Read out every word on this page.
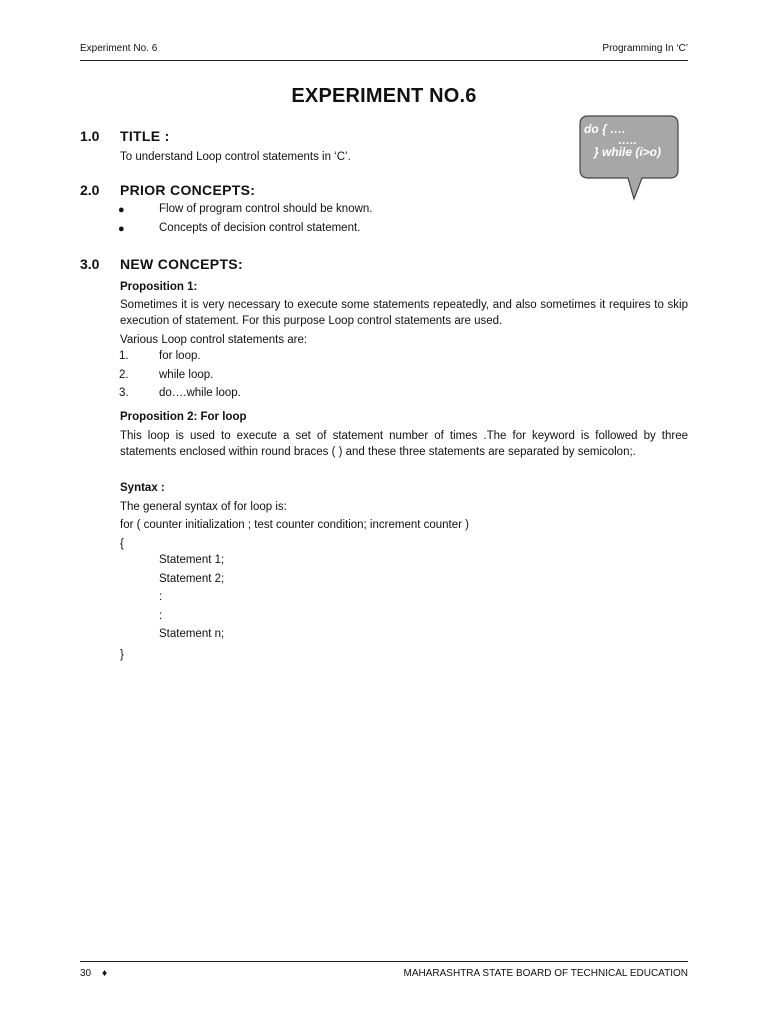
Experiment No. 6	Programming In ‘C’
EXPERIMENT NO.6
do { ….
…..
} while (i>o)
1.0 TITLE :
To understand Loop control statements in ‘C’.
2.0 PRIOR CONCEPTS:
●	Flow of program control should be known.
●	Concepts of decision control statement.
3.0 NEW CONCEPTS:
Proposition 1:
Sometimes it is very necessary to execute some statements repeatedly, and also sometimes it requires to skip execution of statement. For this purpose Loop control statements are used.
Various Loop control statements are:
1.	for loop.
2.	while loop.
3.	do….while loop.
Proposition 2: For loop
This loop is used to execute a set of statement number of times .The for keyword is followed by three statements enclosed within round braces ( ) and these three statements are separated by semicolon;.
Syntax :
The general syntax of for loop is:
for ( counter initialization ; test counter condition; increment counter )
{
Statement 1;
Statement 2;
:
:
Statement n;
}
30 ♦	MAHARASHTRA STATE BOARD OF TECHNICAL EDUCATION
